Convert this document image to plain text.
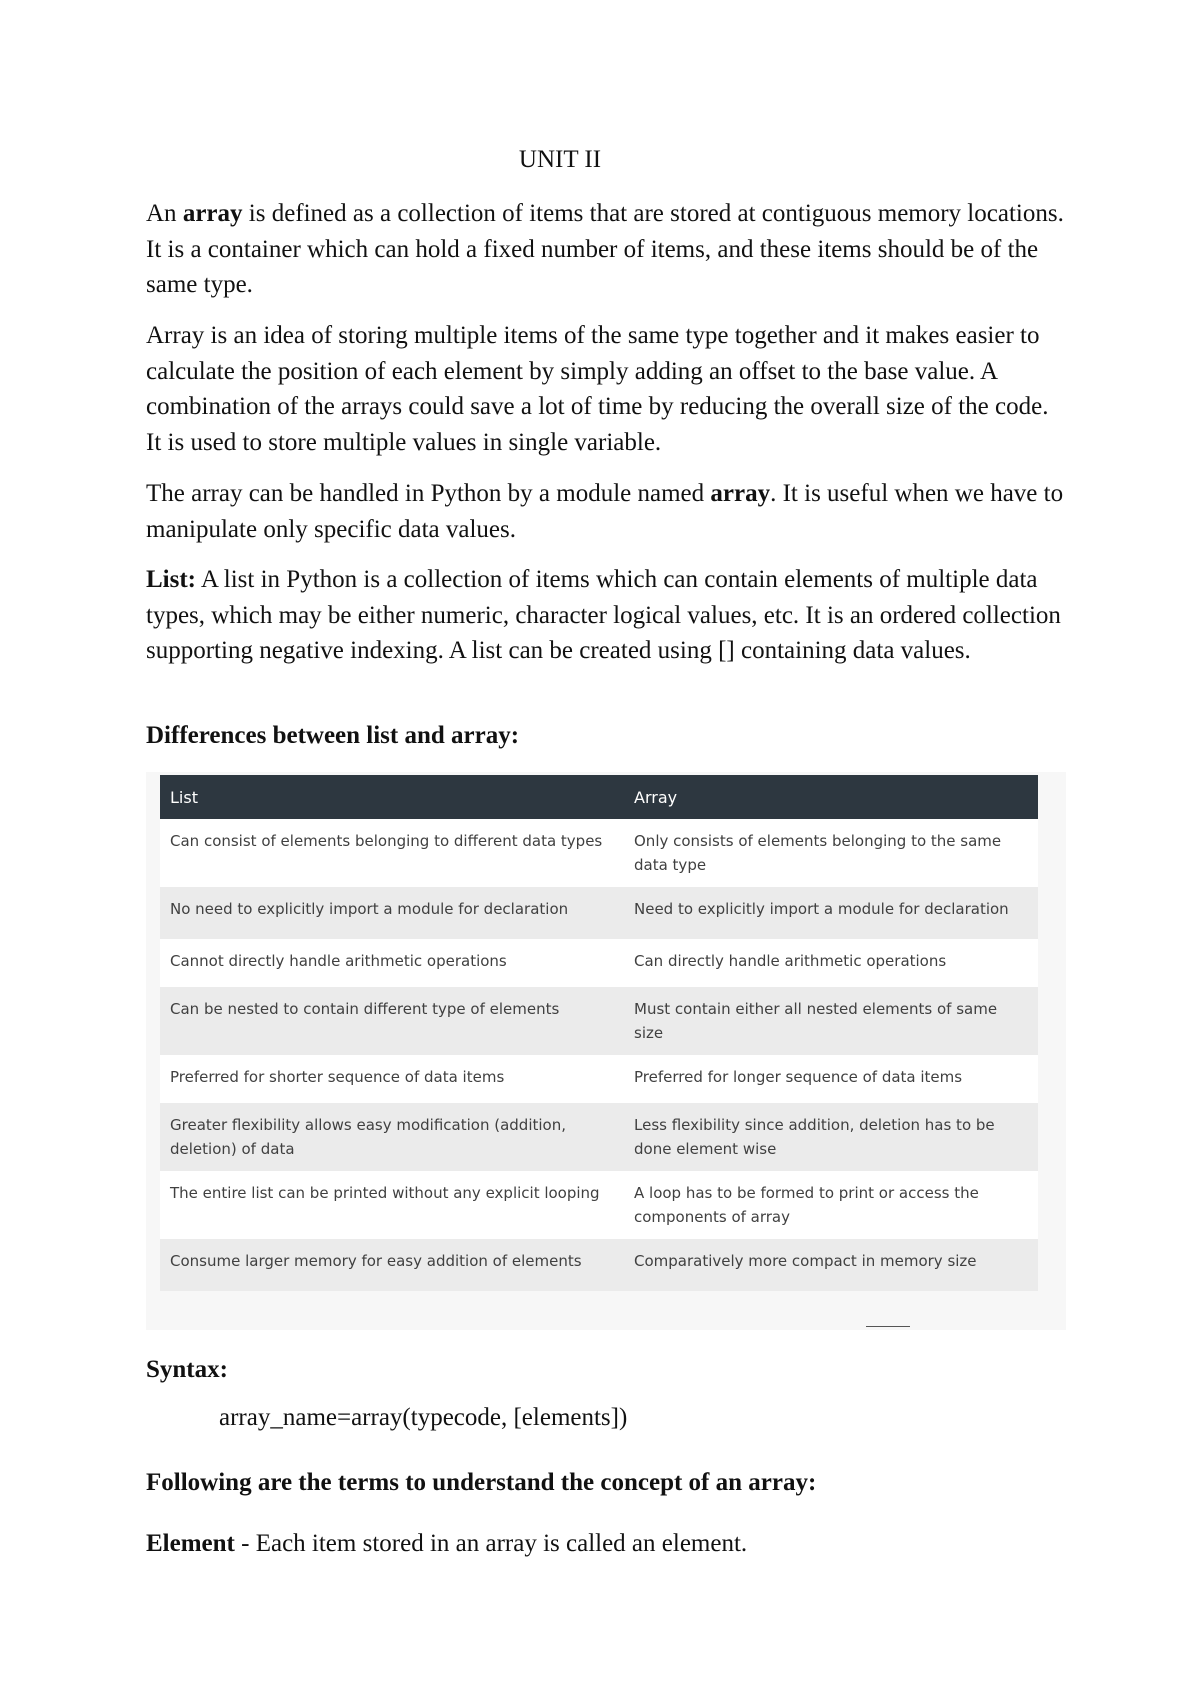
UNIT II
An array is defined as a collection of items that are stored at contiguous memory locations. It is a container which can hold a fixed number of items, and these items should be of the same type.
Array is an idea of storing multiple items of the same type together and it makes easier to calculate the position of each element by simply adding an offset to the base value. A combination of the arrays could save a lot of time by reducing the overall size of the code. It is used to store multiple values in single variable.
The array can be handled in Python by a module named array. It is useful when we have to manipulate only specific data values.
List: A list in Python is a collection of items which can contain elements of multiple data types, which may be either numeric, character logical values, etc. It is an ordered collection supporting negative indexing. A list can be created using [] containing data values.
Differences between list and array:
List	Array
Can consist of elements belonging to different data types	Only consists of elements belonging to the same data type
No need to explicitly import a module for declaration	Need to explicitly import a module for declaration
Cannot directly handle arithmetic operations	Can directly handle arithmetic operations
Can be nested to contain different type of elements	Must contain either all nested elements of same size
Preferred for shorter sequence of data items	Preferred for longer sequence of data items
Greater flexibility allows easy modification (addition, deletion) of data	Less flexibility since addition, deletion has to be done element wise
The entire list can be printed without any explicit looping	A loop has to be formed to print or access the components of array
Consume larger memory for easy addition of elements	Comparatively more compact in memory size
Syntax:
array_name=array(typecode, [elements])
Following are the terms to understand the concept of an array:
Element - Each item stored in an array is called an element.
